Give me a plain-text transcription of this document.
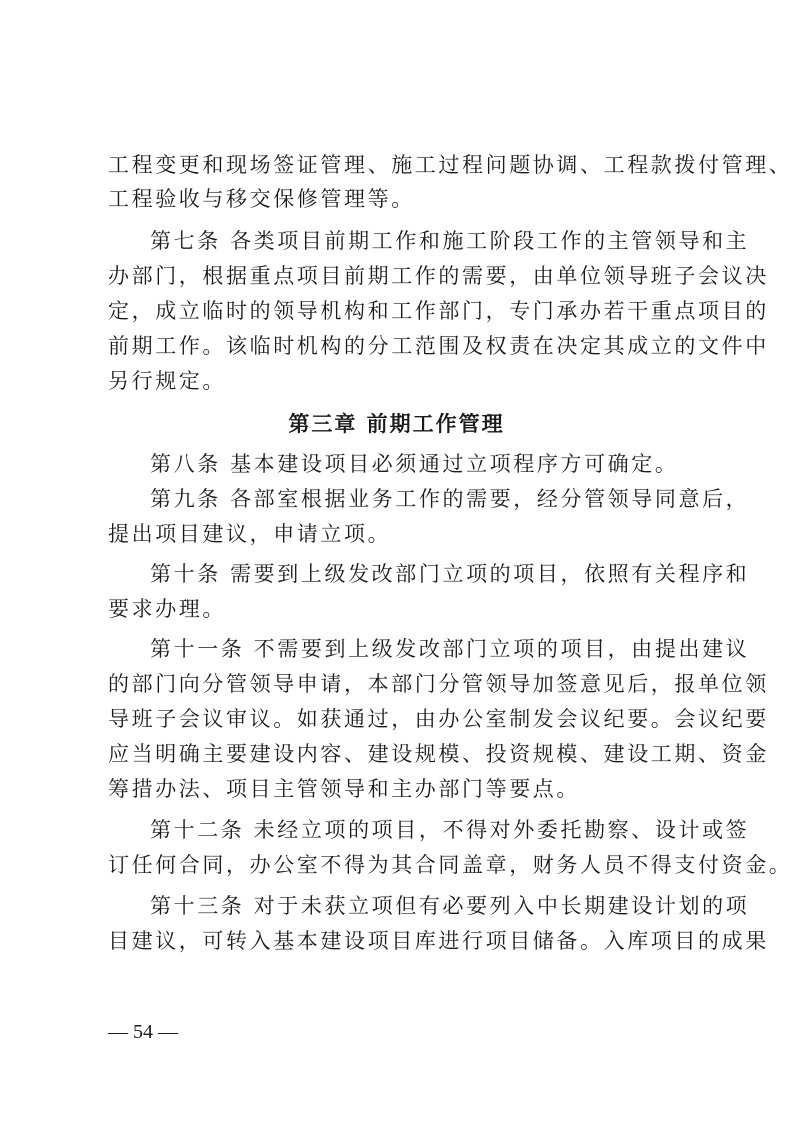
工程变更和现场签证管理、施工过程问题协调、工程款拨付管理、
工程验收与移交保修管理等。
第七条 各类项目前期工作和施工阶段工作的主管领导和主
办部门，根据重点项目前期工作的需要，由单位领导班子会议决
定，成立临时的领导机构和工作部门，专门承办若干重点项目的
前期工作。该临时机构的分工范围及权责在决定其成立的文件中
另行规定。
第三章 前期工作管理
第八条 基本建设项目必须通过立项程序方可确定。
第九条 各部室根据业务工作的需要，经分管领导同意后，
提出项目建议，申请立项。
第十条 需要到上级发改部门立项的项目，依照有关程序和
要求办理。
第十一条 不需要到上级发改部门立项的项目，由提出建议
的部门向分管领导申请，本部门分管领导加签意见后，报单位领
导班子会议审议。如获通过，由办公室制发会议纪要。会议纪要
应当明确主要建设内容、建设规模、投资规模、建设工期、资金
筹措办法、项目主管领导和主办部门等要点。
第十二条 未经立项的项目，不得对外委托勘察、设计或签
订任何合同，办公室不得为其合同盖章，财务人员不得支付资金。
第十三条 对于未获立项但有必要列入中长期建设计划的项
目建议，可转入基本建设项目库进行项目储备。入库项目的成果
— 54 —
